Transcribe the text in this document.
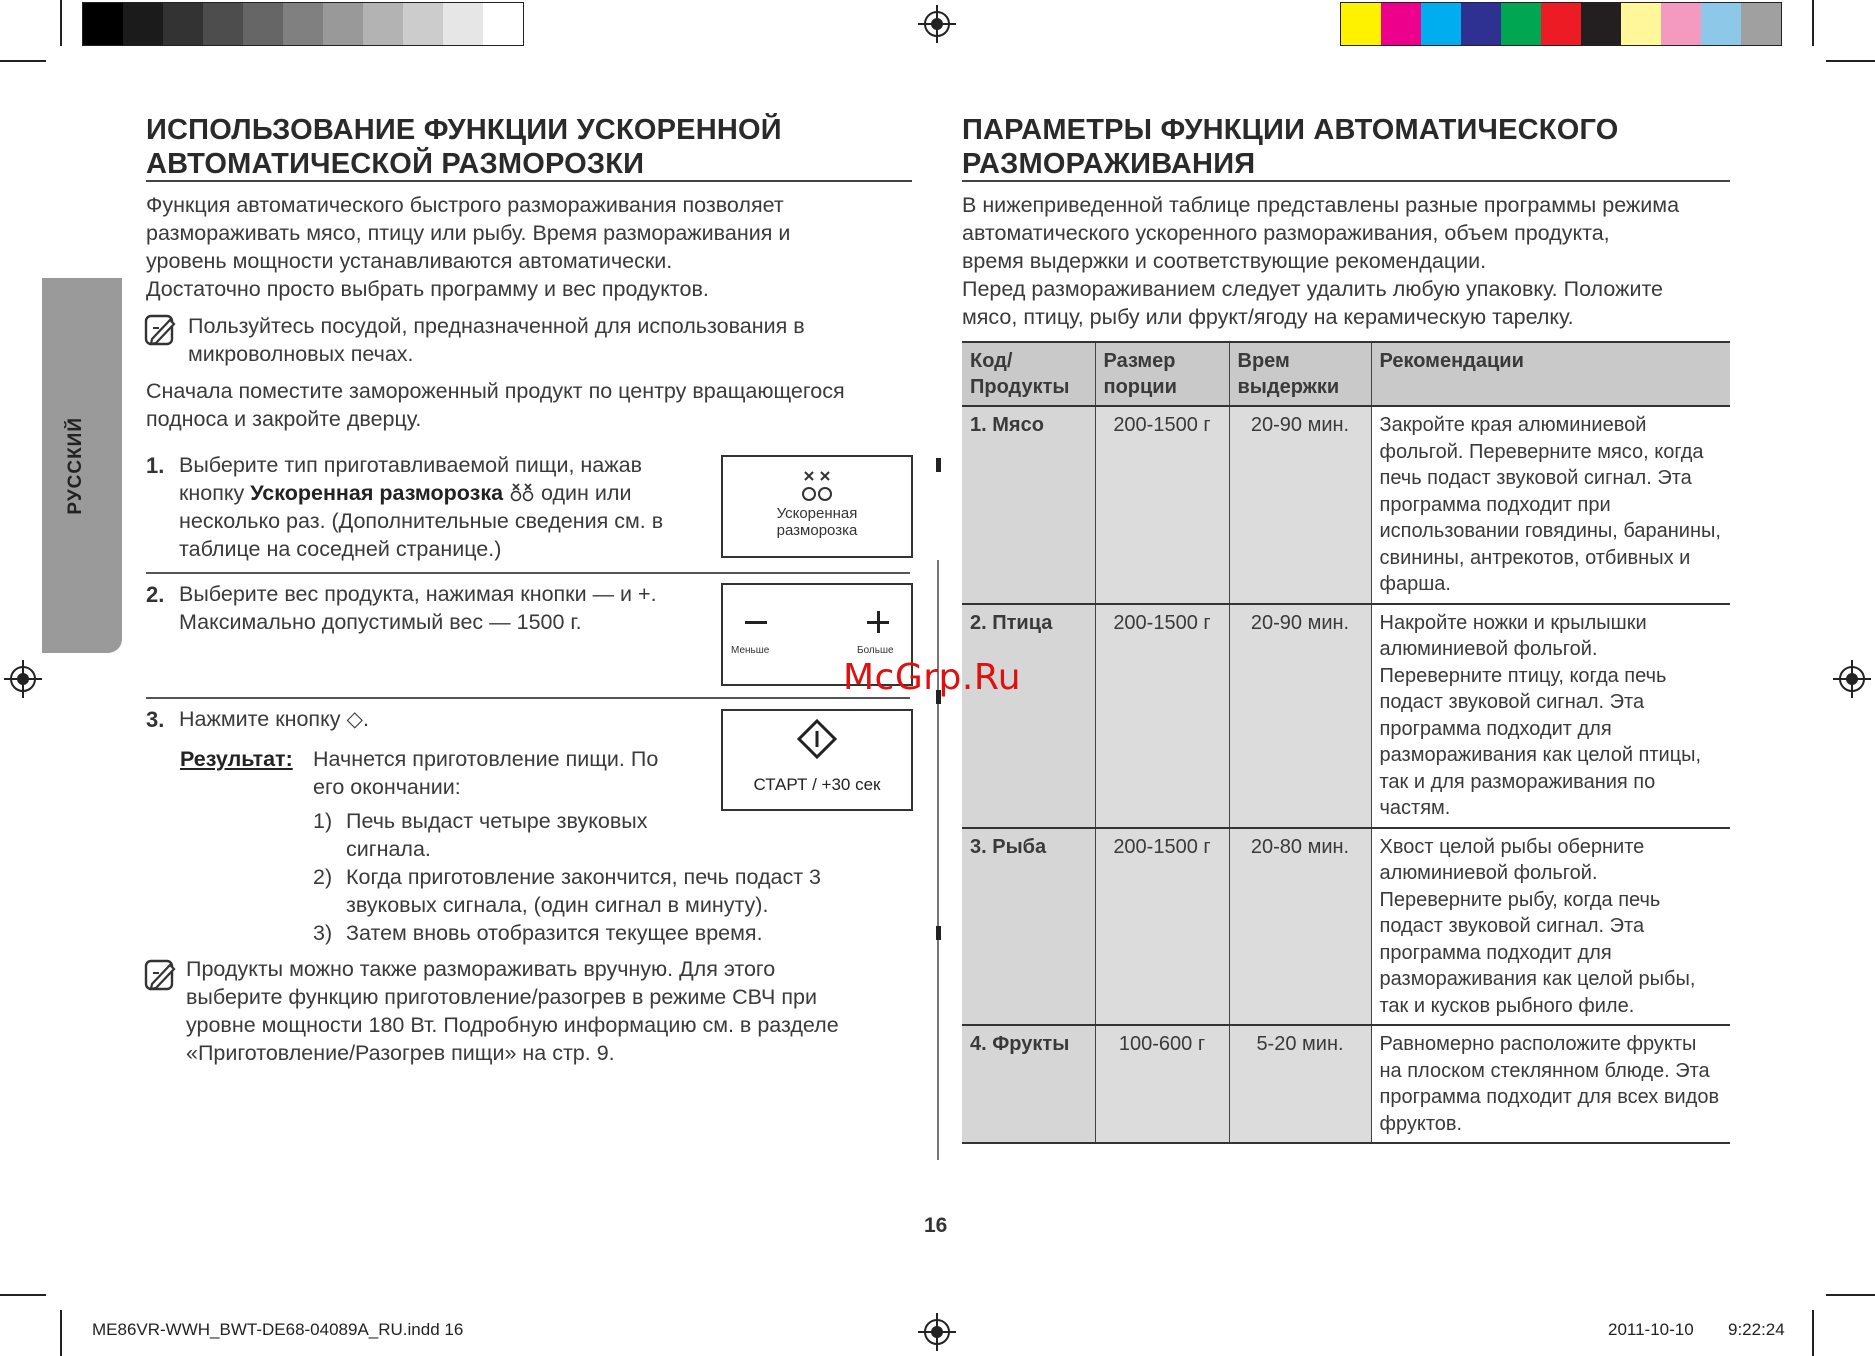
РУССКИЙ
ИСПОЛЬЗОВАНИЕ ФУНКЦИИ УСКОРЕННОЙ
АВТОМАТИЧЕСКОЙ РАЗМОРОЗКИ
Функция автоматического быстрого размораживания позволяет
размораживать мясо, птицу или рыбу. Время размораживания и
уровень мощности устанавливаются автоматически.
Достаточно просто выбрать программу и вес продуктов.
Пользуйтесь посудой, предназначенной для использования в
микроволновых печах.
Сначала поместите замороженный продукт по центру вращающегося
подноса и закройте дверцу.
1. Выберите тип приготавливаемой пищи, нажав
кнопку Ускоренная разморозка  один или
несколько раз. (Дополнительные сведения см. в
таблице на соседней странице.)
Ускоренная
разморозка
2. Выберите вес продукта, нажимая кнопки — и +.
Максимально допустимый вес — 1500 г.
Меньше	Больше
3. Нажмите кнопку ◇.
Результат: Начнется приготовление пищи. По
его окончании:
1) Печь выдаст четыре звуковых
сигнала.
2) Когда приготовление закончится, печь подаст 3
звуковых сигнала, (один сигнал в минуту).
3) Затем вновь отобразится текущее время.
СТАРТ / +30 сек
Продукты можно также размораживать вручную. Для этого
выберите функцию приготовление/разогрев в режиме СВЧ при
уровне мощности 180 Вт. Подробную информацию см. в разделе
«Приготовление/Разогрев пищи» на стр. 9.
ПАРАМЕТРЫ ФУНКЦИИ АВТОМАТИЧЕСКОГО
РАЗМОРАЖИВАНИЯ
В нижеприведенной таблице представлены разные программы режима
автоматического ускоренного размораживания, объем продукта,
время выдержки и соответствующие рекомендации.
Перед размораживанием следует удалить любую упаковку. Положите
мясо, птицу, рыбу или фрукт/ягоду на керамическую тарелку.
Код/ Продукты	Размер порции	Врем выдержки	Рекомендации
1. Мясо	200-1500 г	20-90 мин.	Закройте края алюминиевой фольгой. Переверните мясо, когда печь подаст звуковой сигнал. Эта программа подходит при использовании говядины, баранины, свинины, антрекотов, отбивных и фарша.
2. Птица	200-1500 г	20-90 мин.	Накройте ножки и крылышки алюминиевой фольгой. Переверните птицу, когда печь подаст звуковой сигнал. Эта программа подходит для размораживания как целой птицы, так и для размораживания по частям.
3. Рыба	200-1500 г	20-80 мин.	Хвост целой рыбы оберните алюминиевой фольгой. Переверните рыбу, когда печь подаст звуковой сигнал. Эта программа подходит для размораживания как целой рыбы, так и кусков рыбного филе.
4. Фрукты	100-600 г	5-20 мин.	Равномерно расположите фрукты на плоском стеклянном блюде. Эта программа подходит для всех видов фруктов.
McGrp.Ru
16
ME86VR-WWH_BWT-DE68-04089A_RU.indd 16	2011-10-10 9:22:24
